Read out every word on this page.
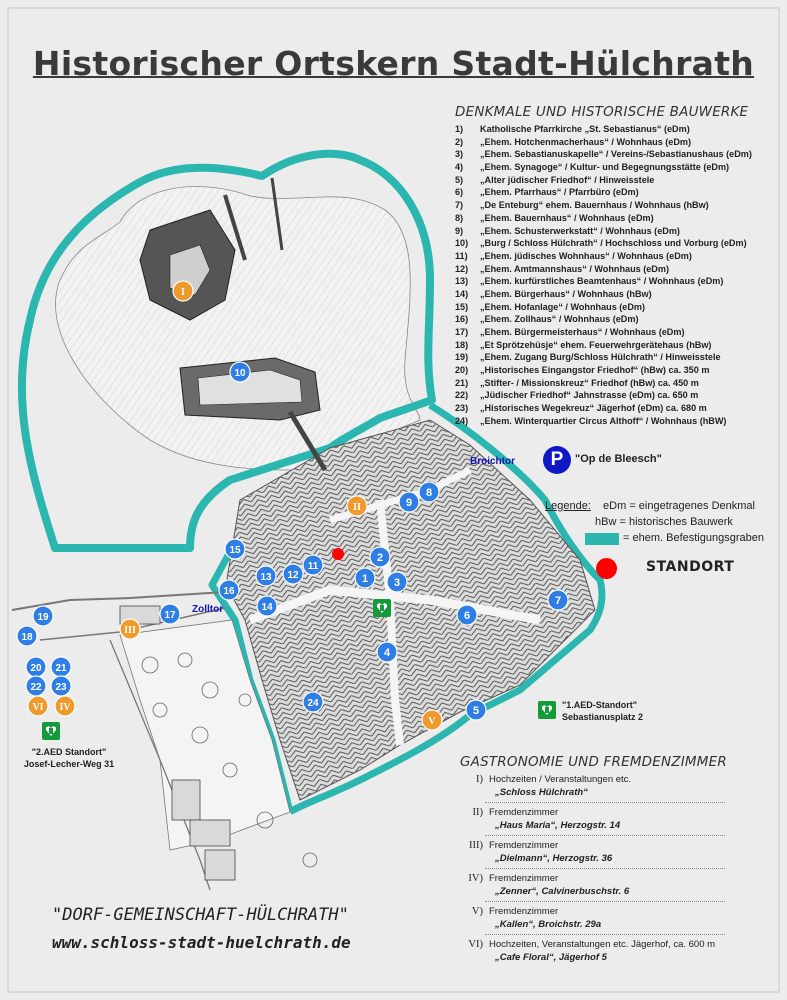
1
2
3
4
5
6
7
8
9
10
11
12
13
14
15
16
17
18
19
20 21
22 23
24
I
II
III
IV
V
VI
Historischer Ortskern Stadt-Hülchrath
DENKMALE UND HISTORISCHE BAUWERKE
1) Katholische Pfarrkirche „St. Sebastianus“ (eDm)
2) „Ehem. Hotchenmacherhaus“ / Wohnhaus (eDm)
3) „Ehem. Sebastianuskapelle“ / Vereins-/Sebastianushaus (eDm)
4) „Ehem. Synagoge“ / Kultur- und Begegnungsstätte (eDm)
5) „Alter jüdischer Friedhof“ / Hinweisstele
6) „Ehem. Pfarrhaus“ / Pfarrbüro (eDm)
7) „De Enteburg“ ehem. Bauernhaus / Wohnhaus (hBw)
8) „Ehem. Bauernhaus“ / Wohnhaus (eDm)
9) „Ehem. Schusterwerkstatt“ / Wohnhaus (eDm)
10) „Burg / Schloss Hülchrath“ / Hochschloss und Vorburg (eDm)
11) „Ehem. jüdisches Wohnhaus“ / Wohnhaus (eDm)
12) „Ehem. Amtmannshaus“ / Wohnhaus (eDm)
13) „Ehem. kurfürstliches Beamtenhaus“ / Wohnhaus (eDm)
14) „Ehem. Bürgerhaus“ / Wohnhaus (hBw)
15) „Ehem. Hofanlage“ / Wohnhaus (eDm)
16) „Ehem. Zollhaus“ / Wohnhaus (eDm)
17) „Ehem. Bürgermeisterhaus“ / Wohnhaus (eDm)
18) „Et Sprötzehüsje“ ehem. Feuerwehrgerätehaus (hBw)
19) „Ehem. Zugang Burg/Schloss Hülchrath“ / Hinweisstele
20) „Historisches Eingangstor Friedhof“ (hBw) ca. 350 m
21) „Stifter- / Missionskreuz“ Friedhof (hBw) ca. 450 m
22) „Jüdischer Friedhof“ Jahnstrasse (eDm) ca. 650 m
23) „Historisches Wegekreuz“ Jägerhof (eDm) ca. 680 m
24) „Ehem. Winterquartier Circus Althoff“ / Wohnhaus (hBW)
Broichtor
Zolltor
P	"Op de Bleesch"
Legende: eDm = eingetragenes Denkmal
hBw = historisches Bauwerk
= ehem. Befestigungsgraben
STANDORT
"1.AED-Standort"
Sebastianusplatz 2
"2.AED Standort"
Josef-Lecher-Weg 31	GASTRONOMIE UND FREMDENZIMMER
I) Hochzeiten / Veranstaltungen etc.
„Schloss Hülchrath“
II) Fremdenzimmer
„Haus Maria“, Herzogstr. 14
III) Fremdenzimmer
„Dielmann“, Herzogstr. 36
IV) Fremdenzimmer
„Zenner“, Calvinerbuschstr. 6
V) Fremdenzimmer
„Kallen“, Broichstr. 29a
VI) Hochzeiten, Veranstaltungen etc. Jägerhof, ca. 600 m
„Cafe Floral“, Jägerhof 5
"DORF-GEMEINSCHAFT-HÜLCHRATH"
www.schloss-stadt-huelchrath.de
